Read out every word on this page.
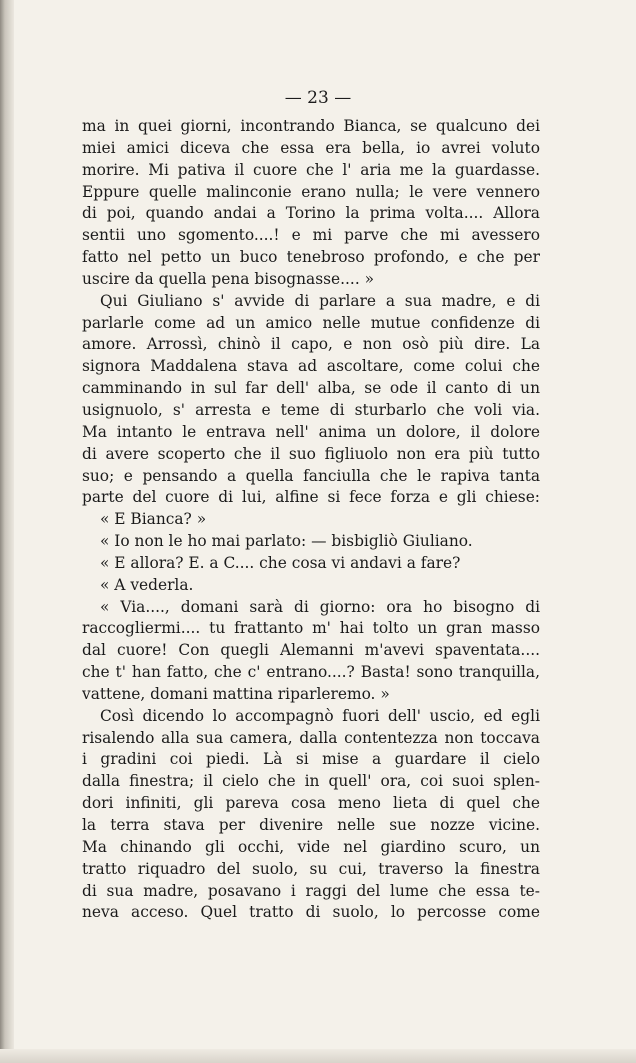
— 23 —
ma in quei giorni, incontrando Bianca, se qualcuno dei
miei amici diceva che essa era bella, io avrei voluto
morire. Mi pativa il cuore che l' aria me la guardasse.
Eppure quelle malinconie erano nulla; le vere vennero
di poi, quando andai a Torino la prima volta.... Allora
sentii uno sgomento....! e mi parve che mi avessero
fatto nel petto un buco tenebroso profondo, e che per
uscire da quella pena bisognasse.... »
Qui Giuliano s' avvide di parlare a sua madre, e di
parlarle come ad un amico nelle mutue confidenze di
amore. Arrossì, chinò il capo, e non osò più dire. La
signora Maddalena stava ad ascoltare, come colui che
camminando in sul far dell' alba, se ode il canto di un
usignuolo, s' arresta e teme di sturbarlo che voli via.
Ma intanto le entrava nell' anima un dolore, il dolore
di avere scoperto che il suo figliuolo non era più tutto
suo; e pensando a quella fanciulla che le rapiva tanta
parte del cuore di lui, alfine si fece forza e gli chiese:
« E Bianca? »
« Io non le ho mai parlato: — bisbigliò Giuliano.
« E allora? E. a C.... che cosa vi andavi a fare?
« A vederla.
« Via...., domani sarà di giorno: ora ho bisogno di
raccogliermi.... tu frattanto m' hai tolto un gran masso
dal cuore! Con quegli Alemanni m'avevi spaventata....
che t' han fatto, che c' entrano....? Basta! sono tranquilla,
vattene, domani mattina riparleremo. »
Così dicendo lo accompagnò fuori dell' uscio, ed egli
risalendo alla sua camera, dalla contentezza non toccava
i gradini coi piedi. Là si mise a guardare il cielo
dalla finestra; il cielo che in quell' ora, coi suoi splen-
dori infiniti, gli pareva cosa meno lieta di quel che
la terra stava per divenire nelle sue nozze vicine.
Ma chinando gli occhi, vide nel giardino scuro, un
tratto riquadro del suolo, su cui, traverso la finestra
di sua madre, posavano i raggi del lume che essa te-
neva acceso. Quel tratto di suolo, lo percosse come
